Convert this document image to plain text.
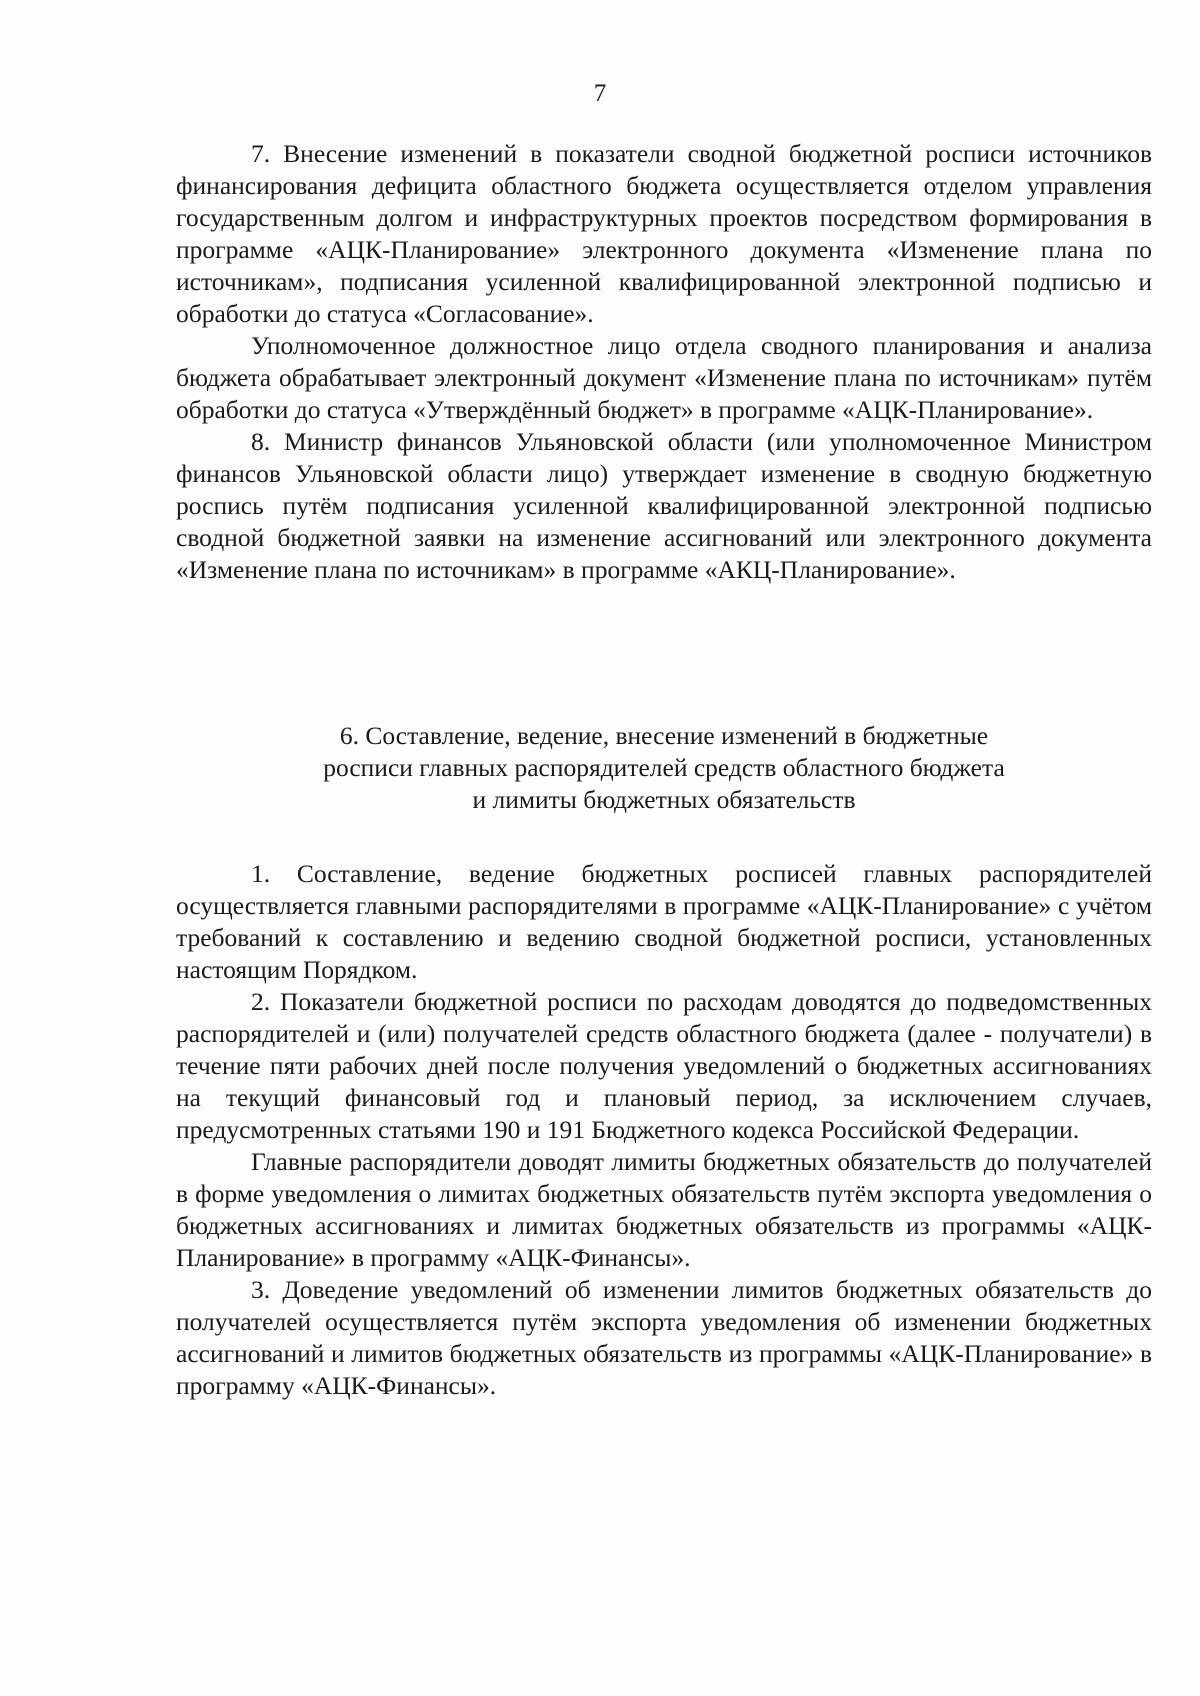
7

7. Внесение изменений в показатели сводной бюджетной росписи источников финансирования дефицита областного бюджета осуществляется отделом управления государственным долгом и инфраструктурных проектов посредством формирования в программе «АЦК-Планирование» электронного документа «Изменение плана по источникам», подписания усиленной квалифицированной электронной подписью и обработки до статуса «Согласование».

Уполномоченное должностное лицо отдела сводного планирования и анализа бюджета обрабатывает электронный документ «Изменение плана по источникам» путём обработки до статуса «Утверждённый бюджет» в программе «АЦК-Планирование».

8. Министр финансов Ульяновской области (или уполномоченное Министром финансов Ульяновской области лицо) утверждает изменение в сводную бюджетную роспись путём подписания усиленной квалифицированной электронной подписью сводной бюджетной заявки на изменение ассигнований или электронного документа «Изменение плана по источникам» в программе «АКЦ-Планирование».

6. Составление, ведение, внесение изменений в бюджетные
росписи главных распорядителей средств областного бюджета
и лимиты бюджетных обязательств

1. Составление, ведение бюджетных росписей главных распорядителей осуществляется главными распорядителями в программе «АЦК-Планирование» с учётом требований к составлению и ведению сводной бюджетной росписи, установленных настоящим Порядком.

2. Показатели бюджетной росписи по расходам доводятся до подведомственных распорядителей и (или) получателей средств областного бюджета (далее - получатели) в течение пяти рабочих дней после получения уведомлений о бюджетных ассигнованиях на текущий финансовый год и плановый период, за исключением случаев, предусмотренных статьями 190 и 191 Бюджетного кодекса Российской Федерации.

Главные распорядители доводят лимиты бюджетных обязательств до получателей в форме уведомления о лимитах бюджетных обязательств путём экспорта уведомления о бюджетных ассигнованиях и лимитах бюджетных обязательств из программы «АЦК-Планирование» в программу «АЦК-Финансы».

3. Доведение уведомлений об изменении лимитов бюджетных обязательств до получателей осуществляется путём экспорта уведомления об изменении бюджетных ассигнований и лимитов бюджетных обязательств из программы «АЦК-Планирование» в программу «АЦК-Финансы».
